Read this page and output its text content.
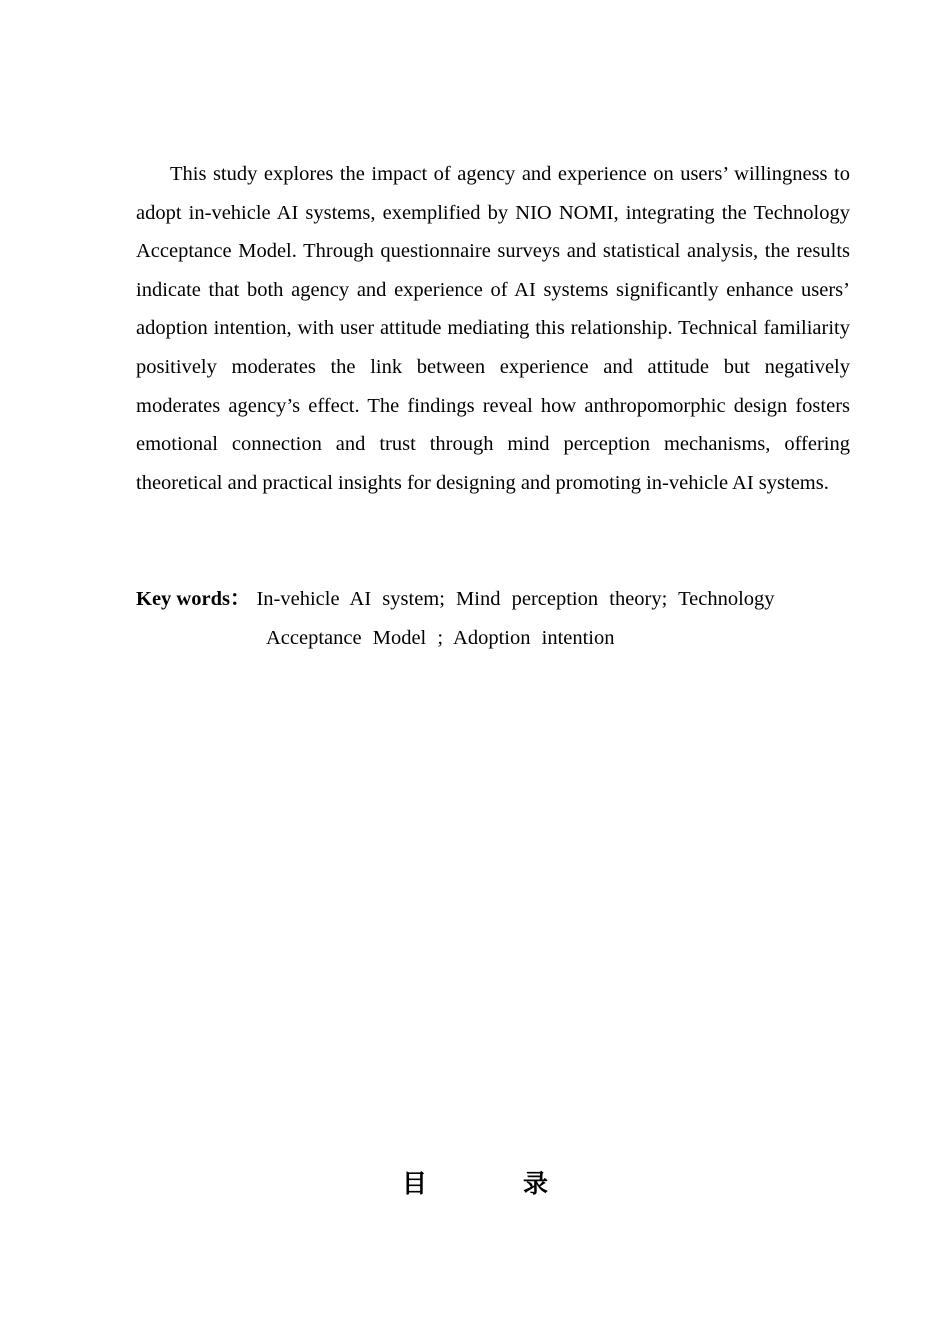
This study explores the impact of agency and experience on users’ willingness to adopt in-vehicle AI systems, exemplified by NIO NOMI, integrating the Technology Acceptance Model. Through questionnaire surveys and statistical analysis, the results indicate that both agency and experience of AI systems significantly enhance users’ adoption intention, with user attitude mediating this relationship. Technical familiarity positively moderates the link between experience and attitude but negatively moderates agency’s effect. The findings reveal how anthropomorphic design fosters emotional connection and trust through mind perception mechanisms, offering theoretical and practical insights for designing and promoting in-vehicle AI systems.

Key words ： In-vehicle AI system; Mind perception theory; Technology
Acceptance Model ; Adoption intention
目	录
